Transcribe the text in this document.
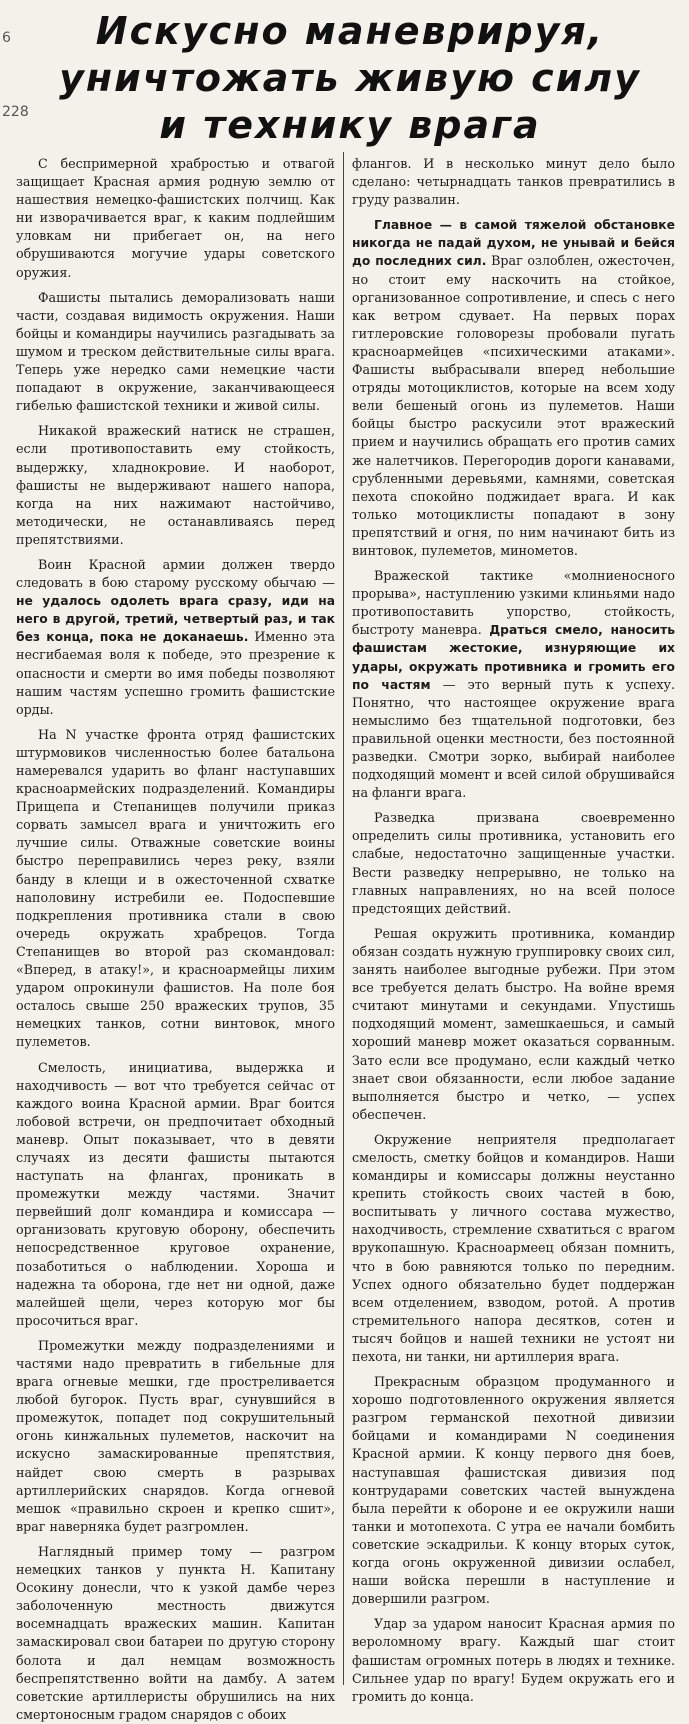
6
228
Искусно маневрируя,
уничтожать живую силу
и технику врага

С беспримерной храбростью и отвагой защищает Красная армия родную землю от нашествия немецко-фашистских полчищ. Как ни изворачивается враг, к каким подлейшим уловкам ни прибегает он, на него обрушиваются могучие удары советского оружия.

Фашисты пытались деморализовать наши части, создавая видимость окружения. Наши бойцы и командиры научились разгадывать за шумом и треском действительные силы врага. Теперь уже нередко сами немецкие части попадают в окружение, заканчивающееся гибелью фашистской техники и живой силы.

Никакой вражеский натиск не страшен, если противопоставить ему стойкость, выдержку, хладнокровие. И наоборот, фашисты не выдерживают нашего напора, когда на них нажимают настойчиво, методически, не останавливаясь перед препятствиями.

Воин Красной армии должен твердо следовать в бою старому русскому обычаю — не удалось одолеть врага сразу, иди на него в другой, третий, четвертый раз, и так без конца, пока не доканаешь. Именно эта несгибаемая воля к победе, это презрение к опасности и смерти во имя победы позволяют нашим частям успешно громить фашистские орды.

На N участке фронта отряд фашистских штурмовиков численностью более батальона намеревался ударить во фланг наступавших красноармейских подразделений. Командиры Прищепа и Степанищев получили приказ сорвать замысел врага и уничтожить его лучшие силы. Отважные советские воины быстро переправились через реку, взяли банду в клещи и в ожесточенной схватке наполовину истребили ее. Подоспевшие подкрепления противника стали в свою очередь окружать храбрецов. Тогда Степанищев во второй раз скомандовал: «Вперед, в атаку!», и красноармейцы лихим ударом опрокинули фашистов. На поле боя осталось свыше 250 вражеских трупов, 35 немецких танков, сотни винтовок, много пулеметов.

Смелость, инициатива, выдержка и находчивость — вот что требуется сейчас от каждого воина Красной армии. Враг боится лобовой встречи, он предпочитает обходный маневр. Опыт показывает, что в девяти случаях из десяти фашисты пытаются наступать на флангах, проникать в промежутки между частями. Значит первейший долг командира и комиссара — организовать круговую оборону, обеспечить непосредственное круговое охранение, позаботиться о наблюдении. Хороша и надежна та оборона, где нет ни одной, даже малейшей щели, через которую мог бы просочиться враг.

Промежутки между подразделениями и частями надо превратить в гибельные для врага огневые мешки, где простреливается любой бугорок. Пусть враг, сунувшийся в промежуток, попадет под сокрушительный огонь кинжальных пулеметов, наскочит на искусно замаскированные препятствия, найдет свою смерть в разрывах артиллерийских снарядов. Когда огневой мешок «правильно скроен и крепко сшит», враг наверняка будет разгромлен.

Наглядный пример тому — разгром немецких танков у пункта Н. Капитану Осокину донесли, что к узкой дамбе через заболоченную местность движутся восемнадцать вражеских машин. Капитан замаскировал свои батареи по другую сторону болота и дал немцам возможность беспрепятственно войти на дамбу. А затем советские артиллеристы обрушились на них смертоносным градом снарядов с обоих

флангов. И в несколько минут дело было сделано: четырнадцать танков превратились в груду развалин.

Главное — в самой тяжелой обстановке никогда не падай духом, не унывай и бейся до последних сил. Враг озлоблен, ожесточен, но стоит ему наскочить на стойкое, организованное сопротивление, и спесь с него как ветром сдувает. На первых порах гитлеровские головорезы пробовали пугать красноармейцев «психическими атаками». Фашисты выбрасывали вперед небольшие отряды мотоциклистов, которые на всем ходу вели бешеный огонь из пулеметов. Наши бойцы быстро раскусили этот вражеский прием и научились обращать его против самих же налетчиков. Перегородив дороги канавами, срубленными деревьями, камнями, советская пехота спокойно поджидает врага. И как только мотоциклисты попадают в зону препятствий и огня, по ним начинают бить из винтовок, пулеметов, минометов.

Вражеской тактике «молниеносного прорыва», наступлению узкими клиньями надо противопоставить упорство, стойкость, быстроту маневра. Драться смело, наносить фашистам жестокие, изнуряющие их удары, окружать противника и громить его по частям — это верный путь к успеху. Понятно, что настоящее окружение врага немыслимо без тщательной подготовки, без правильной оценки местности, без постоянной разведки. Смотри зорко, выбирай наиболее подходящий момент и всей силой обрушивайся на фланги врага.

Разведка призвана своевременно определить силы противника, установить его слабые, недостаточно защищенные участки. Вести разведку непрерывно, не только на главных направлениях, но на всей полосе предстоящих действий.

Решая окружить противника, командир обязан создать нужную группировку своих сил, занять наиболее выгодные рубежи. При этом все требуется делать быстро. На войне время считают минутами и секундами. Упустишь подходящий момент, замешкаешься, и самый хороший маневр может оказаться сорванным. Зато если все продумано, если каждый четко знает свои обязанности, если любое задание выполняется быстро и четко, — успех обеспечен.

Окружение неприятеля предполагает смелость, сметку бойцов и командиров. Наши командиры и комиссары должны неустанно крепить стойкость своих частей в бою, воспитывать у личного состава мужество, находчивость, стремление схватиться с врагом врукопашную. Красноармеец обязан помнить, что в бою равняются только по передним. Успех одного обязательно будет поддержан всем отделением, взводом, ротой. А против стремительного напора десятков, сотен и тысяч бойцов и нашей техники не устоят ни пехота, ни танки, ни артиллерия врага.

Прекрасным образцом продуманного и хорошо подготовленного окружения является разгром германской пехотной дивизии бойцами и командирами N соединения Красной армии. К концу первого дня боев, наступавшая фашистская дивизия под контрударами советских частей вынуждена была перейти к обороне и ее окружили наши танки и мотопехота. С утра ее начали бомбить советские эскадрильи. К концу вторых суток, когда огонь окруженной дивизии ослабел, наши войска перешли в наступление и довершили разгром.

Удар за ударом наносит Красная армия по вероломному врагу. Каждый шаг стоит фашистам огромных потерь в людях и технике. Сильнее удар по врагу! Будем окружать его и громить до конца.
